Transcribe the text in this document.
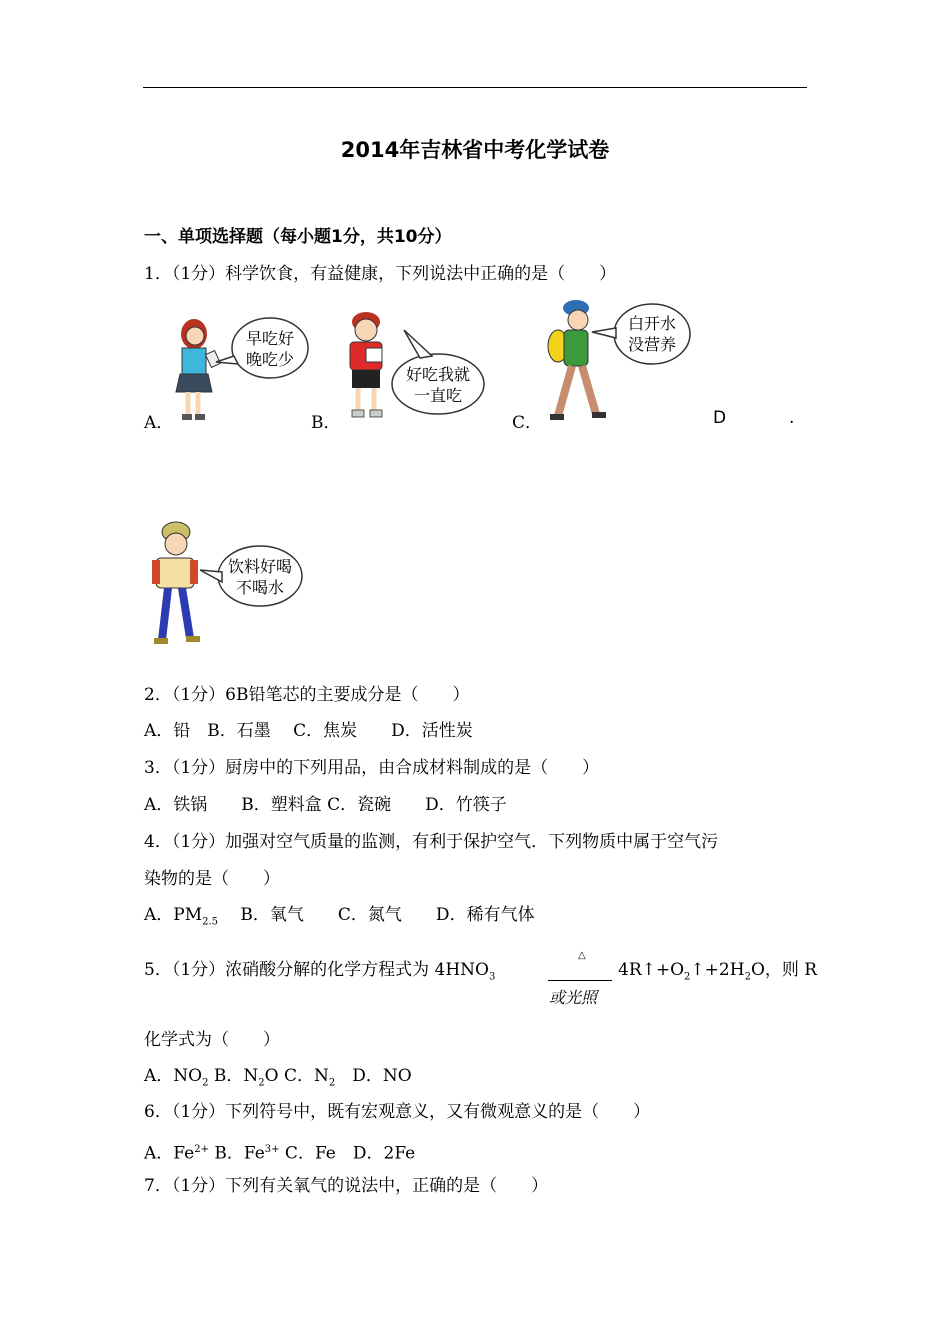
2014年吉林省中考化学试卷
一、单项选择题（每小题1分，共10分）
1．（1分）科学饮食，有益健康，下列说法中正确的是（　　）
早吃好
晚吃少
好吃我就
一直吃
白开水
没营养
A．	B．	C．	D	.
饮料好喝
不喝水
2．（1分）6B铅笔芯的主要成分是（　　）
A．铅　B．石墨　 C．焦炭　　D．活性炭
3．（1分）厨房中的下列用品，由合成材料制成的是（　　）
A．铁锅　　B．塑料盒 C．瓷碗　　D．竹筷子
4．（1分）加强对空气质量的监测，有利于保护空气．下列物质中属于空气污
染物的是（　　）
A．$PM_{2.5}$　 B．氧气　　C．氮气　　D．稀有气体
5．（1分）浓硝酸分解的化学方程式为 $4HNO_3$
△
或光照
$4R↑+O_2↑+2H_2O$，则 R
化学式为（　　）
A．$NO_2$ B．$N_2O$ C．$N_2$　D．NO
6．（1分）下列符号中，既有宏观意义，又有微观意义的是（　　）
A．$Fe^{2+}$ B．$Fe^{3+}$ C．Fe　D．2Fe
7．（1分）下列有关氧气的说法中，正确的是（　　）
